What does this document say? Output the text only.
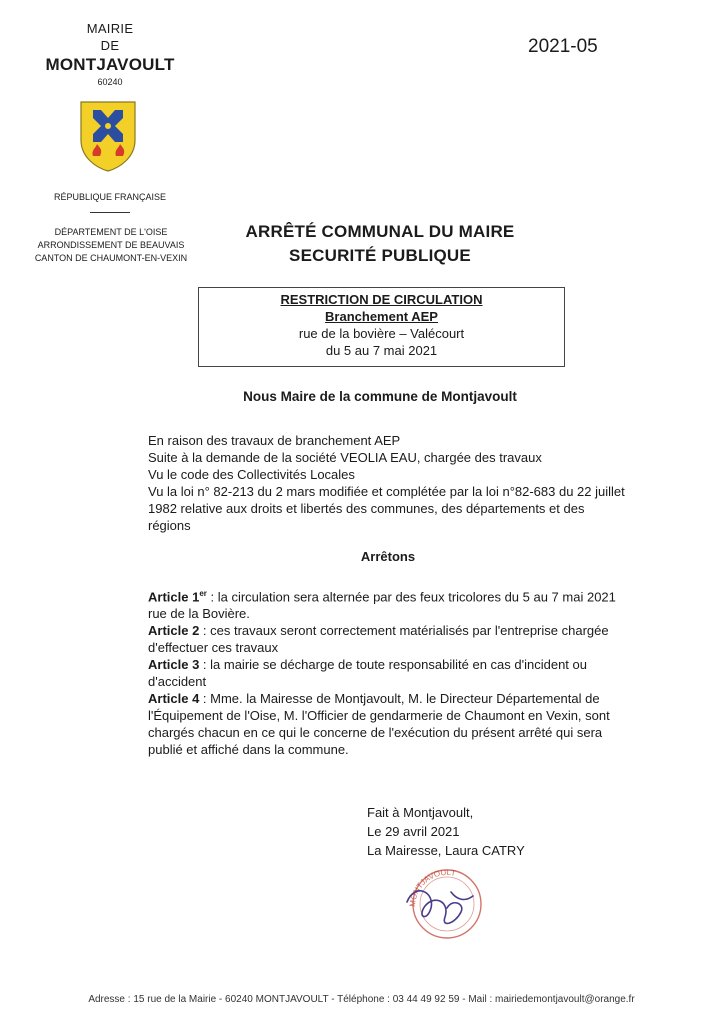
MAIRIE
DE
MONTJAVOULT
60240
RÉPUBLIQUE FRANÇAISE
DÉPARTEMENT DE L'OISE
ARRONDISSEMENT DE BEAUVAIS
CANTON DE CHAUMONT-EN-VEXIN
2021-05
ARRÊTÉ COMMUNAL DU MAIRE
SECURITÉ PUBLIQUE
RESTRICTION DE CIRCULATION
Branchement AEP
rue de la bovière – Valécourt
du 5 au 7 mai 2021
Nous Maire de la commune de Montjavoult
En raison des travaux de branchement AEP
Suite à la demande de la société VEOLIA EAU, chargée des travaux
Vu le code des Collectivités Locales
Vu la loi n° 82-213 du 2 mars modifiée et complétée par la loi n°82-683 du 22 juillet 1982 relative aux droits et libertés des communes, des départements et des régions
Arrêtons

Article 1er : la circulation sera alternée par des feux tricolores du 5 au 7 mai 2021 rue de la Bovière.

Article 2 : ces travaux seront correctement matérialisés par l'entreprise chargée d'effectuer ces travaux

Article 3 : la mairie se décharge de toute responsabilité en cas d'incident ou d'accident

Article 4 : Mme. la Mairesse de Montjavoult, M. le Directeur Départemental de l'Équipement de l'Oise, M. l'Officier de gendarmerie de Chaumont en Vexin, sont chargés chacun en ce qui le concerne de l'exécution du présent arrêté qui sera publié et affiché dans la commune.

Fait à Montjavoult,
Le 29 avril 2021
La Mairesse, Laura CATRY
MONTJAVOULT
Adresse : 15 rue de la Mairie - 60240 MONTJAVOULT - Téléphone : 03 44 49 92 59 - Mail : mairiedemontjavoult@orange.fr
